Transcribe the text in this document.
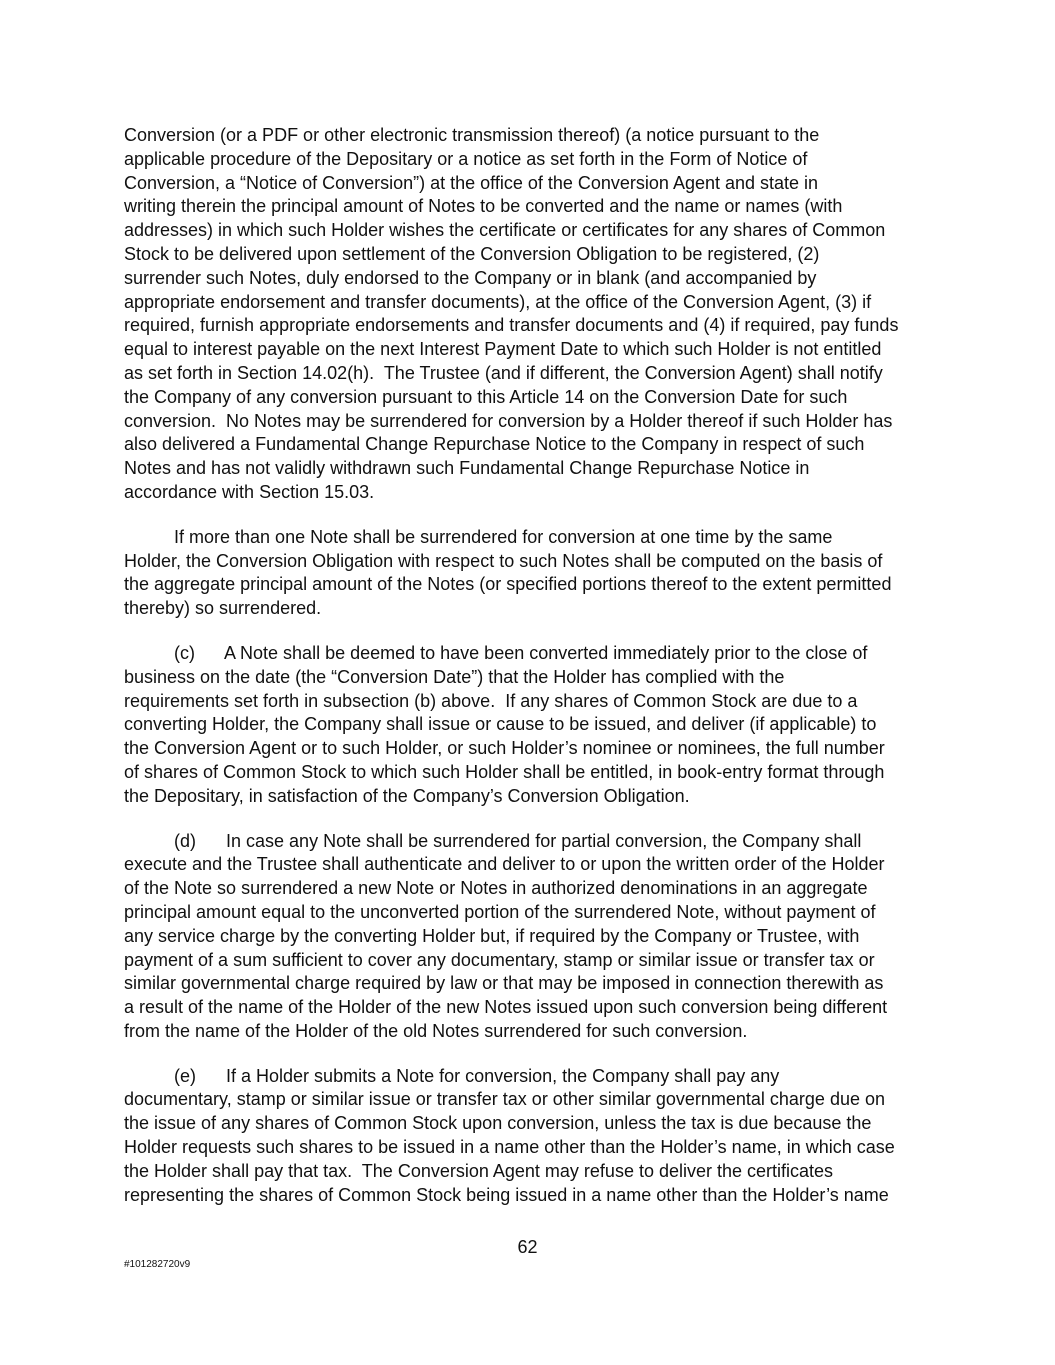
Conversion (or a PDF or other electronic transmission thereof) (a notice pursuant to the
applicable procedure of the Depositary or a notice as set forth in the Form of Notice of
Conversion, a “Notice of Conversion”) at the office of the Conversion Agent and state in
writing therein the principal amount of Notes to be converted and the name or names (with
addresses) in which such Holder wishes the certificate or certificates for any shares of Common
Stock to be delivered upon settlement of the Conversion Obligation to be registered, (2)
surrender such Notes, duly endorsed to the Company or in blank (and accompanied by
appropriate endorsement and transfer documents), at the office of the Conversion Agent, (3) if
required, furnish appropriate endorsements and transfer documents and (4) if required, pay funds
equal to interest payable on the next Interest Payment Date to which such Holder is not entitled
as set forth in Section 14.02(h).  The Trustee (and if different, the Conversion Agent) shall notify
the Company of any conversion pursuant to this Article 14 on the Conversion Date for such
conversion.  No Notes may be surrendered for conversion by a Holder thereof if such Holder has
also delivered a Fundamental Change Repurchase Notice to the Company in respect of such
Notes and has not validly withdrawn such Fundamental Change Repurchase Notice in
accordance with Section 15.03.

If more than one Note shall be surrendered for conversion at one time by the same
Holder, the Conversion Obligation with respect to such Notes shall be computed on the basis of
the aggregate principal amount of the Notes (or specified portions thereof to the extent permitted
thereby) so surrendered.

(c)      A Note shall be deemed to have been converted immediately prior to the close of
business on the date (the “Conversion Date”) that the Holder has complied with the
requirements set forth in subsection (b) above.  If any shares of Common Stock are due to a
converting Holder, the Company shall issue or cause to be issued, and deliver (if applicable) to
the Conversion Agent or to such Holder, or such Holder’s nominee or nominees, the full number
of shares of Common Stock to which such Holder shall be entitled, in book-entry format through
the Depositary, in satisfaction of the Company’s Conversion Obligation.

(d)      In case any Note shall be surrendered for partial conversion, the Company shall
execute and the Trustee shall authenticate and deliver to or upon the written order of the Holder
of the Note so surrendered a new Note or Notes in authorized denominations in an aggregate
principal amount equal to the unconverted portion of the surrendered Note, without payment of
any service charge by the converting Holder but, if required by the Company or Trustee, with
payment of a sum sufficient to cover any documentary, stamp or similar issue or transfer tax or
similar governmental charge required by law or that may be imposed in connection therewith as
a result of the name of the Holder of the new Notes issued upon such conversion being different
from the name of the Holder of the old Notes surrendered for such conversion.

(e)      If a Holder submits a Note for conversion, the Company shall pay any
documentary, stamp or similar issue or transfer tax or other similar governmental charge due on
the issue of any shares of Common Stock upon conversion, unless the tax is due because the
Holder requests such shares to be issued in a name other than the Holder’s name, in which case
the Holder shall pay that tax.  The Conversion Agent may refuse to deliver the certificates
representing the shares of Common Stock being issued in a name other than the Holder’s name

62
#101282720v9
